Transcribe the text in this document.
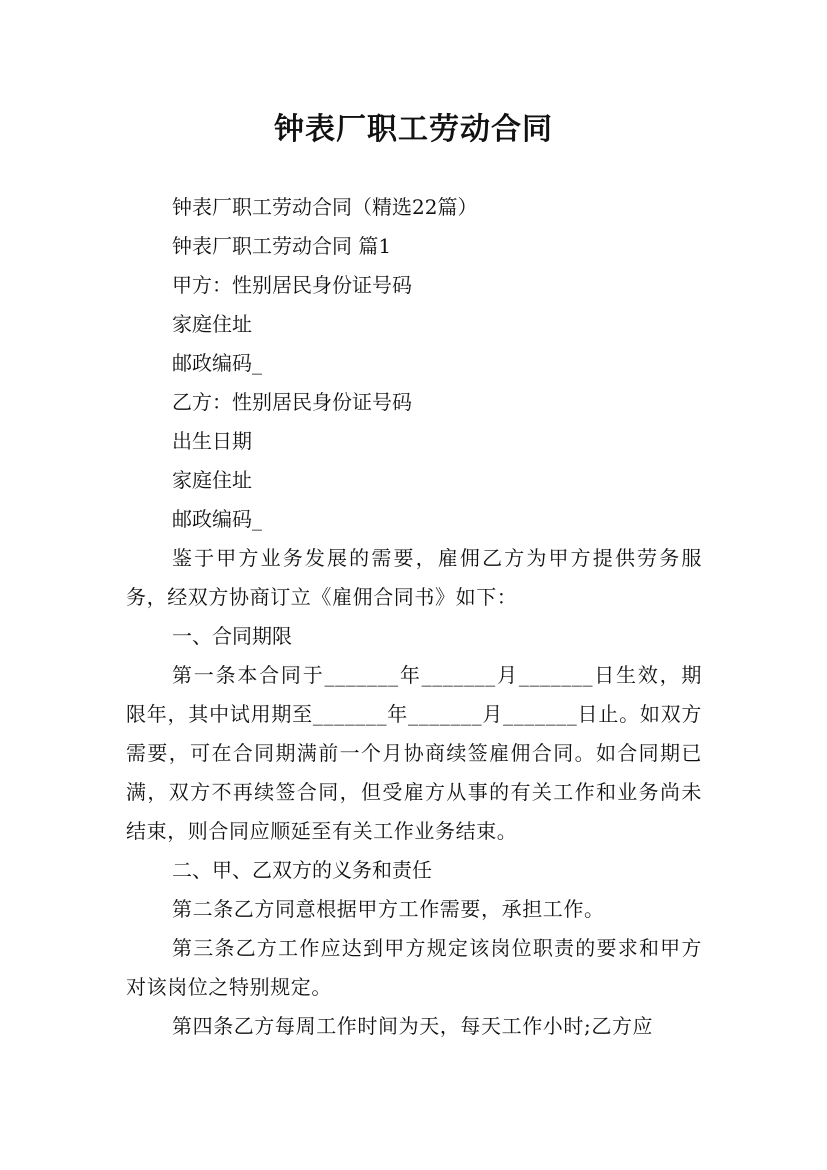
钟表厂职工劳动合同

钟表厂职工劳动合同（精选22篇）

钟表厂职工劳动合同 篇1

甲方：性别居民身份证号码

家庭住址

邮政编码_

乙方：性别居民身份证号码

出生日期

家庭住址

邮政编码_

鉴于甲方业务发展的需要，雇佣乙方为甲方提供劳务服务，经双方协商订立《雇佣合同书》如下：

一、合同期限

第一条本合同于_______年_______月_______日生效，期限年，其中试用期至_______年_______月_______日止。如双方需要，可在合同期满前一个月协商续签雇佣合同。如合同期已满，双方不再续签合同，但受雇方从事的有关工作和业务尚未结束，则合同应顺延至有关工作业务结束。

二、甲、乙双方的义务和责任

第二条乙方同意根据甲方工作需要，承担工作。

第三条乙方工作应达到甲方规定该岗位职责的要求和甲方对该岗位之特别规定。

第四条乙方每周工作时间为天，每天工作小时;乙方应
